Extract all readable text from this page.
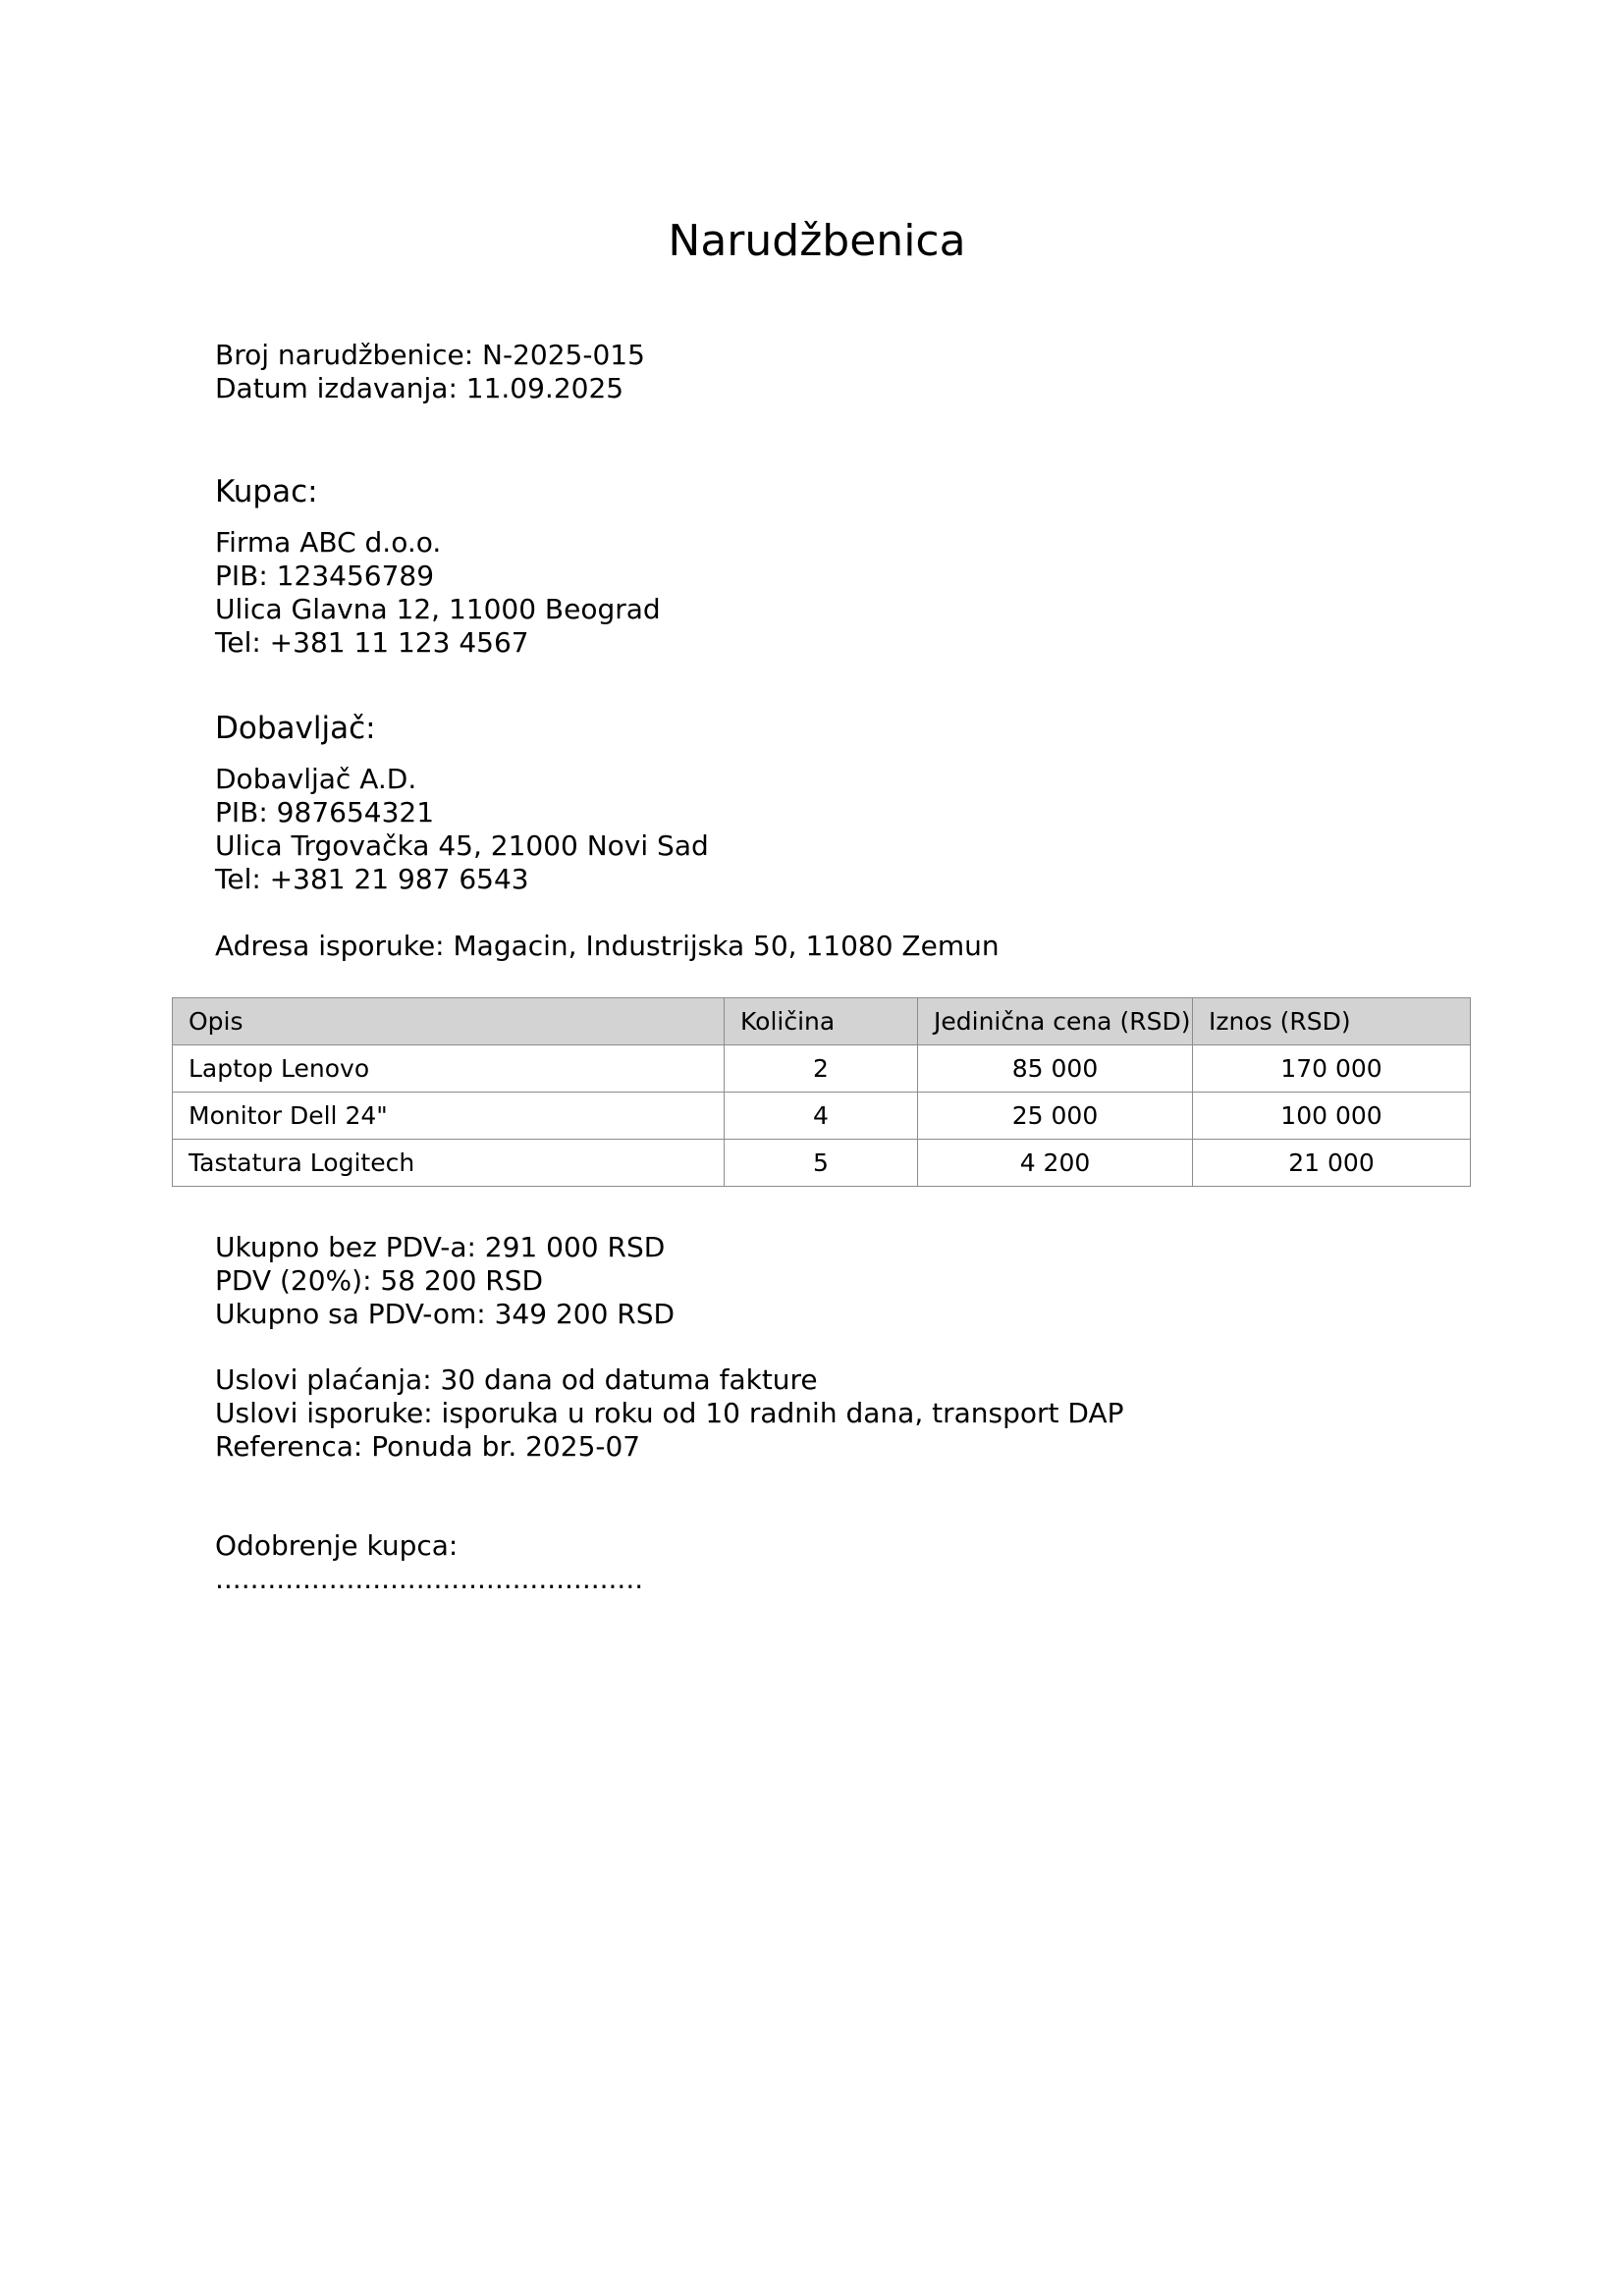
Narudžbenica
Broj narudžbenice: N-2025-015
Datum izdavanja: 11.09.2025
Kupac:
Firma ABC d.o.o.
PIB: 123456789
Ulica Glavna 12, 11000 Beograd
Tel: +381 11 123 4567
Dobavljač:
Dobavljač A.D.
PIB: 987654321
Ulica Trgovačka 45, 21000 Novi Sad
Tel: +381 21 987 6543
Adresa isporuke: Magacin, Industrijska 50, 11080 Zemun
Opis	Količina	Jedinična cena (RSD)	Iznos (RSD)
Laptop Lenovo	2	85 000	170 000
Monitor Dell 24"	4	25 000	100 000
Tastatura Logitech	5	4 200	21 000
Ukupno bez PDV-a: 291 000 RSD
PDV (20%): 58 200 RSD
Ukupno sa PDV-om: 349 200 RSD
Uslovi plaćanja: 30 dana od datuma fakture
Uslovi isporuke: isporuka u roku od 10 radnih dana, transport DAP
Referenca: Ponuda br. 2025-07
Odobrenje kupca:
.................................................
